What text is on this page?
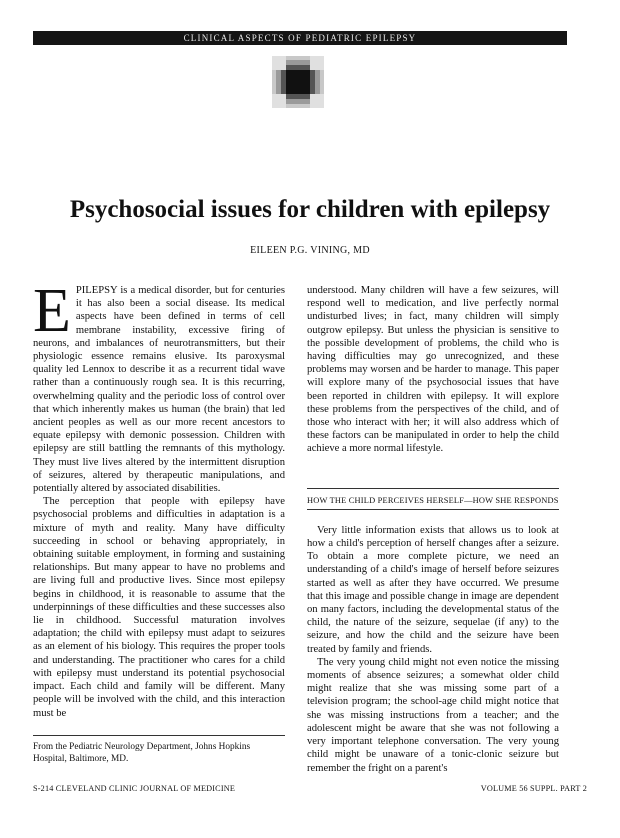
CLINICAL ASPECTS OF PEDIATRIC EPILEPSY
Psychosocial issues for children with epilepsy
EILEEN P.G. VINING, MD

EPILEPSY is a medical disorder, but for centuries it has also been a social disease. Its medical aspects have been defined in terms of cell membrane instability, excessive firing of neurons, and imbalances of neurotransmitters, but their physiologic essence remains elusive. Its paroxysmal quality led Lennox to describe it as a recurrent tidal wave rather than a continuously rough sea. It is this recurring, overwhelming quality and the periodic loss of control over that which inherently makes us human (the brain) that led ancient peoples as well as our more recent ancestors to equate epilepsy with demonic possession. Children with epilepsy are still battling the remnants of this mythology. They must live lives altered by the intermittent disruption of seizures, altered by therapeutic manipulations, and potentially altered by associated disabilities.

The perception that people with epilepsy have psychosocial problems and difficulties in adaptation is a mixture of myth and reality. Many have difficulty succeeding in school or behaving appropriately, in obtaining suitable employment, in forming and sustaining relationships. But many appear to have no problems and are living full and productive lives. Since most epilepsy begins in childhood, it is reasonable to assume that the underpinnings of these difficulties and these successes also lie in childhood. Successful maturation involves adaptation; the child with epilepsy must adapt to seizures as an element of his biology. This requires the proper tools and understanding. The practitioner who cares for a child with epilepsy must understand its potential psychosocial impact. Each child and family will be different. Many people will be involved with the child, and this interaction must be

understood. Many children will have a few seizures, will respond well to medication, and live perfectly normal undisturbed lives; in fact, many children will simply outgrow epilepsy. But unless the physician is sensitive to the possible development of problems, the child who is having difficulties may go unrecognized, and these problems may worsen and be harder to manage. This paper will explore many of the psychosocial issues that have been reported in children with epilepsy. It will explore these problems from the perspectives of the child, and of those who interact with her; it will also address which of these factors can be manipulated in order to help the child achieve a more normal lifestyle.

HOW THE CHILD PERCEIVES HERSELF—HOW SHE RESPONDS

Very little information exists that allows us to look at how a child's perception of herself changes after a seizure. To obtain a more complete picture, we need an understanding of a child's image of herself before seizures started as well as after they have occurred. We presume that this image and possible change in image are dependent on many factors, including the developmental status of the child, the nature of the seizure, sequelae (if any) to the seizure, and how the child and the seizure have been treated by family and friends.

The very young child might not even notice the missing moments of absence seizures; a somewhat older child might realize that she was missing some part of a television program; the school-age child might notice that she was missing instructions from a teacher; and the adolescent might be aware that she was not following a very important telephone conversation. The very young child might be unaware of a tonic-clonic seizure but remember the fright on a parent's

From the Pediatric Neurology Department, Johns Hopkins Hospital, Baltimore, MD.
S-214 CLEVELAND CLINIC JOURNAL OF MEDICINE	VOLUME 56 SUPPL. PART 2
